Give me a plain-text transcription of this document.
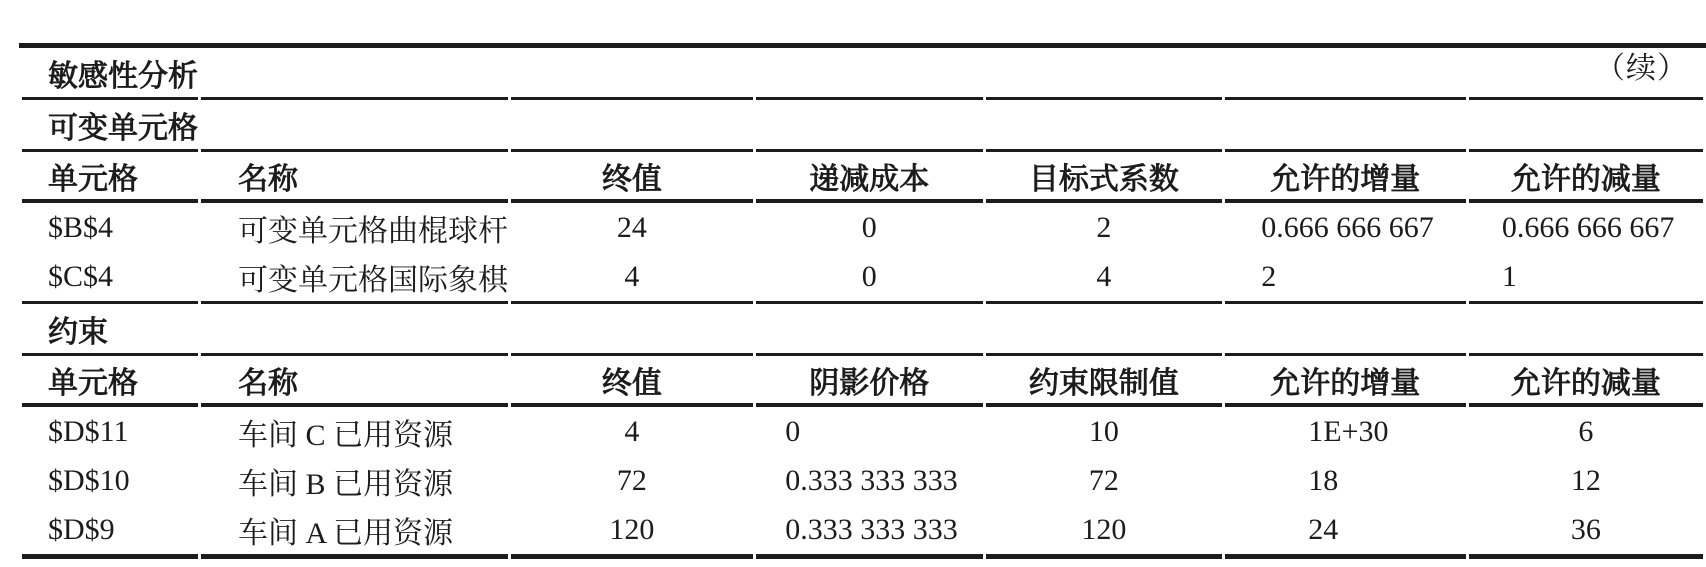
（续）
敏感性分析						
可变单元格						
单元格	名称	终值	递减成本	目标式系数	允许的增量	允许的减量
$B$4	可变单元格曲棍球杆	24	0	2	0.666 666 667	0.666 666 667
$C$4	可变单元格国际象棋	4	0	4	2	1
约束						
单元格	名称	终值	阴影价格	约束限制值	允许的增量	允许的减量
$D$11	车间 C 已用资源	4	0	10	1E+30	6
$D$10	车间 B 已用资源	72	0.333 333 333	72	18	12
$D$9	车间 A 已用资源	120	0.333 333 333	120	24	36
